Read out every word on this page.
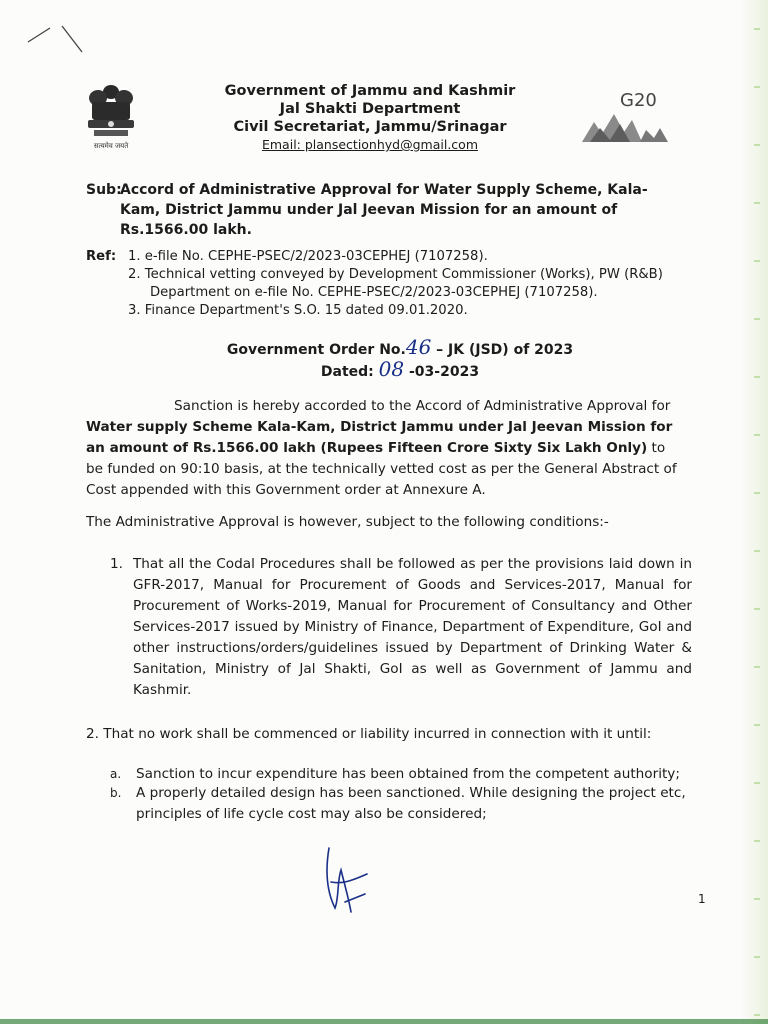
सत्यमेव जयते
G20
Government of Jammu and Kashmir
Jal Shakti Department
Civil Secretariat, Jammu/Srinagar
Email: plansectionhyd@gmail.com
Sub:
Accord of Administrative Approval for Water Supply Scheme, Kala-Kam, District Jammu under Jal Jeevan Mission for an amount of Rs.1566.00 lakh.
Ref: 1. e-file No. CEPHE-PSEC/2/2023-03CEPHEJ (7107258).
2. Technical vetting conveyed by Development Commissioner (Works), PW (R&B)
Department on e-file No. CEPHE-PSEC/2/2023-03CEPHEJ (7107258).
3. Finance Department's S.O. 15 dated 09.01.2020.
Government Order No.46 – JK (JSD) of 2023
Dated: 08 -03-2023
Sanction is hereby accorded to the Accord of Administrative Approval for Water supply Scheme Kala-Kam, District Jammu under Jal Jeevan Mission for an amount of Rs.1566.00 lakh (Rupees Fifteen Crore Sixty Six Lakh Only) to be funded on 90:10 basis, at the technically vetted cost as per the General Abstract of Cost appended with this Government order at Annexure A.
The Administrative Approval is however, subject to the following conditions:-
1. That all the Codal Procedures shall be followed as per the provisions laid down in GFR-2017, Manual for Procurement of Goods and Services-2017, Manual for Procurement of Works-2019, Manual for Procurement of Consultancy and Other Services-2017 issued by Ministry of Finance, Department of Expenditure, GoI and other instructions/orders/guidelines issued by Department of Drinking Water & Sanitation, Ministry of Jal Shakti, GoI as well as Government of Jammu and Kashmir.
2. That no work shall be commenced or liability incurred in connection with it until:
a. Sanction to incur expenditure has been obtained from the competent authority;
b. A properly detailed design has been sanctioned. While designing the project etc, principles of life cycle cost may also be considered;
1
